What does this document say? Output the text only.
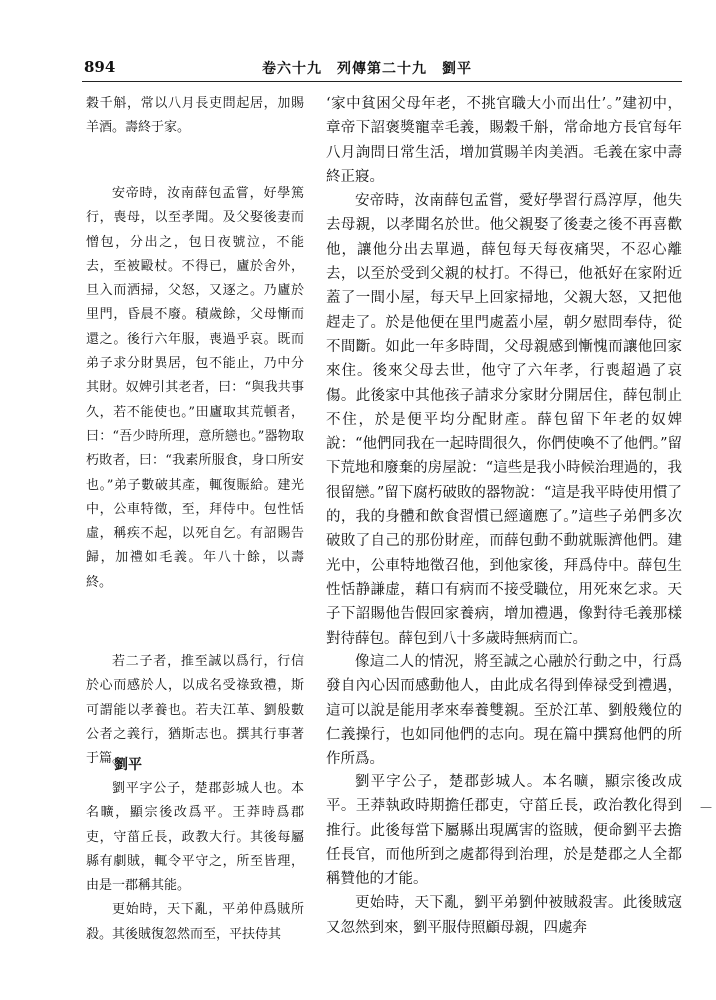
894	卷六十九　列傳第二十九　劉平

穀千斛，常以八月長吏問起居，加賜羊酒。壽終于家。

安帝時，汝南薛包孟嘗，好學篤行，喪母，以至孝聞。及父娶後妻而憎包，分出之，包日夜號泣，不能去，至被毆杖。不得已，廬於舍外，旦入而洒掃，父怒，又逐之。乃廬於里門，昏晨不廢。積歲餘，父母慚而還之。後行六年服，喪過乎哀。既而弟子求分財異居，包不能止，乃中分其財。奴婢引其老者，曰：“與我共事久，若不能使也。”田廬取其荒頓者，曰：“吾少時所理，意所戀也。”器物取朽敗者，曰：“我素所服食，身口所安也。”弟子數破其產，輒復賑給。建光中，公車特徵，至，拜侍中。包性恬虛，稱疾不起，以死自乞。有詔賜告歸，加禮如毛義。年八十餘，以壽終。

若二子者，推至誠以爲行，行信於心而感於人，以成名受祿致禮，斯可謂能以孝養也。若夫江革、劉般數公者之義行，猶斯志也。撰其行事著于篇。

劉平

劉平字公子，楚郡彭城人也。本名曠，顯宗後改爲平。王莽時爲郡吏，守菑丘長，政教大行。其後每屬縣有劇賊，輒令平守之，所至皆理，由是一郡稱其能。

更始時，天下亂，平弟仲爲賊所殺。其後賊復忽然而至，平扶侍其

‘家中貧困父母年老，不挑官職大小而出仕’。”建初中，章帝下詔褒獎寵幸毛義，賜穀千斛，常命地方長官每年八月詢問日常生活，增加賞賜羊肉美酒。毛義在家中壽終正寢。

安帝時，汝南薛包孟嘗，愛好學習行爲淳厚，他失去母親，以孝聞名於世。他父親娶了後妻之後不再喜歡他，讓他分出去單過，薛包每天每夜痛哭，不忍心離去，以至於受到父親的杖打。不得已，他祇好在家附近蓋了一間小屋，每天早上回家掃地，父親大怒，又把他趕走了。於是他便在里門處蓋小屋，朝夕慰問奉侍，從不間斷。如此一年多時間，父母親感到慚愧而讓他回家來住。後來父母去世，他守了六年孝，行喪超過了哀傷。此後家中其他孩子請求分家財分開居住，薛包制止不住，於是便平均分配財產。薛包留下年老的奴婢說：“他們同我在一起時間很久，你們使喚不了他們。”留下荒地和廢棄的房屋說：“這些是我小時候治理過的，我很留戀。”留下腐朽破敗的器物說：“這是我平時使用慣了的，我的身體和飲食習慣已經適應了。”這些子弟們多次破敗了自己的那份財産，而薛包動不動就賑濟他們。建光中，公車特地徵召他，到他家後，拜爲侍中。薛包生性恬静謙虚，藉口有病而不接受職位，用死來乞求。天子下詔賜他告假回家養病，增加禮遇，像對待毛義那樣對待薛包。薛包到八十多歲時無病而亡。

像這二人的情況，將至誠之心融於行動之中，行爲發自內心因而感動他人，由此成名得到俸禄受到禮遇，這可以說是能用孝來奉養雙親。至於江革、劉般幾位的仁義操行，也如同他們的志向。現在篇中撰寫他們的所作所爲。

劉平字公子，楚郡彭城人。本名曠，顯宗後改成平。王莽執政時期擔任郡吏，守菑丘長，政治教化得到推行。此後每當下屬縣出現厲害的盜賊，便命劉平去擔任長官，而他所到之處都得到治理，於是楚郡之人全都稱贊他的才能。

更始時，天下亂，劉平弟劉仲被賊殺害。此後賊寇又忽然到來，劉平服侍照顧母親，四處奔

—
